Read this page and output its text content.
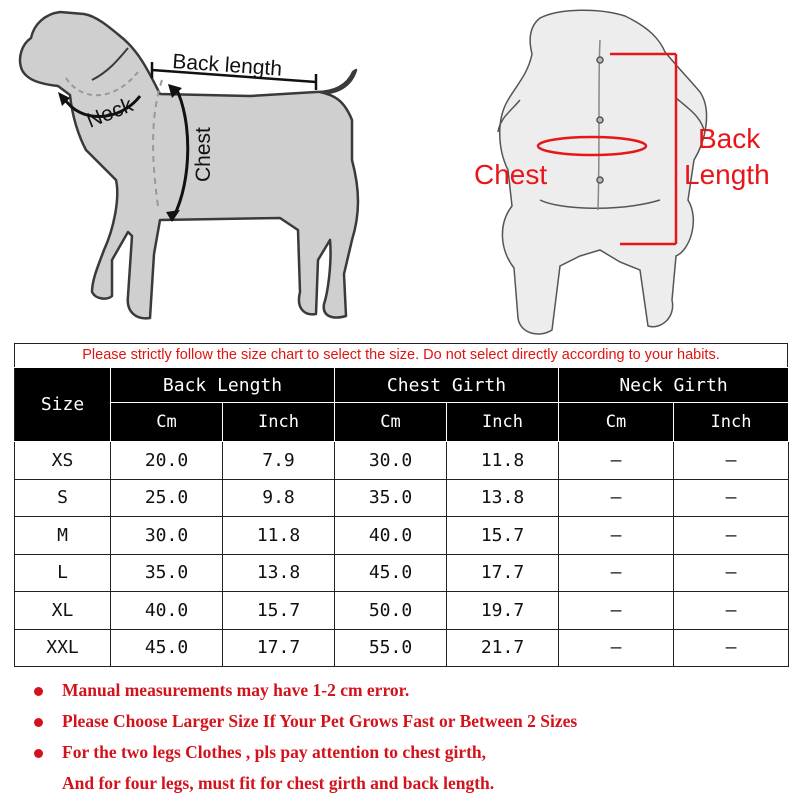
Back length
Neck
Chest	Chest
Back
Length
Please strictly follow the size chart to select the size. Do not select directly according to your habits.
Size	Back Length		Chest Girth		Neck Girth	
	Cm	Inch	Cm	Inch	Cm	Inch
XS	20.0	7.9	30.0	11.8	–	–
S	25.0	9.8	35.0	13.8	–	–
M	30.0	11.8	40.0	15.7	–	–
L	35.0	13.8	45.0	17.7	–	–
XL	40.0	15.7	50.0	19.7	–	–
XXL	45.0	17.7	55.0	21.7	–	–
Manual measurements may have 1-2 cm error.
Please Choose Larger Size If Your Pet Grows Fast or Between 2 Sizes
For the two legs Clothes , pls pay attention to chest girth,
And for four legs, must fit for chest girth and back length.
